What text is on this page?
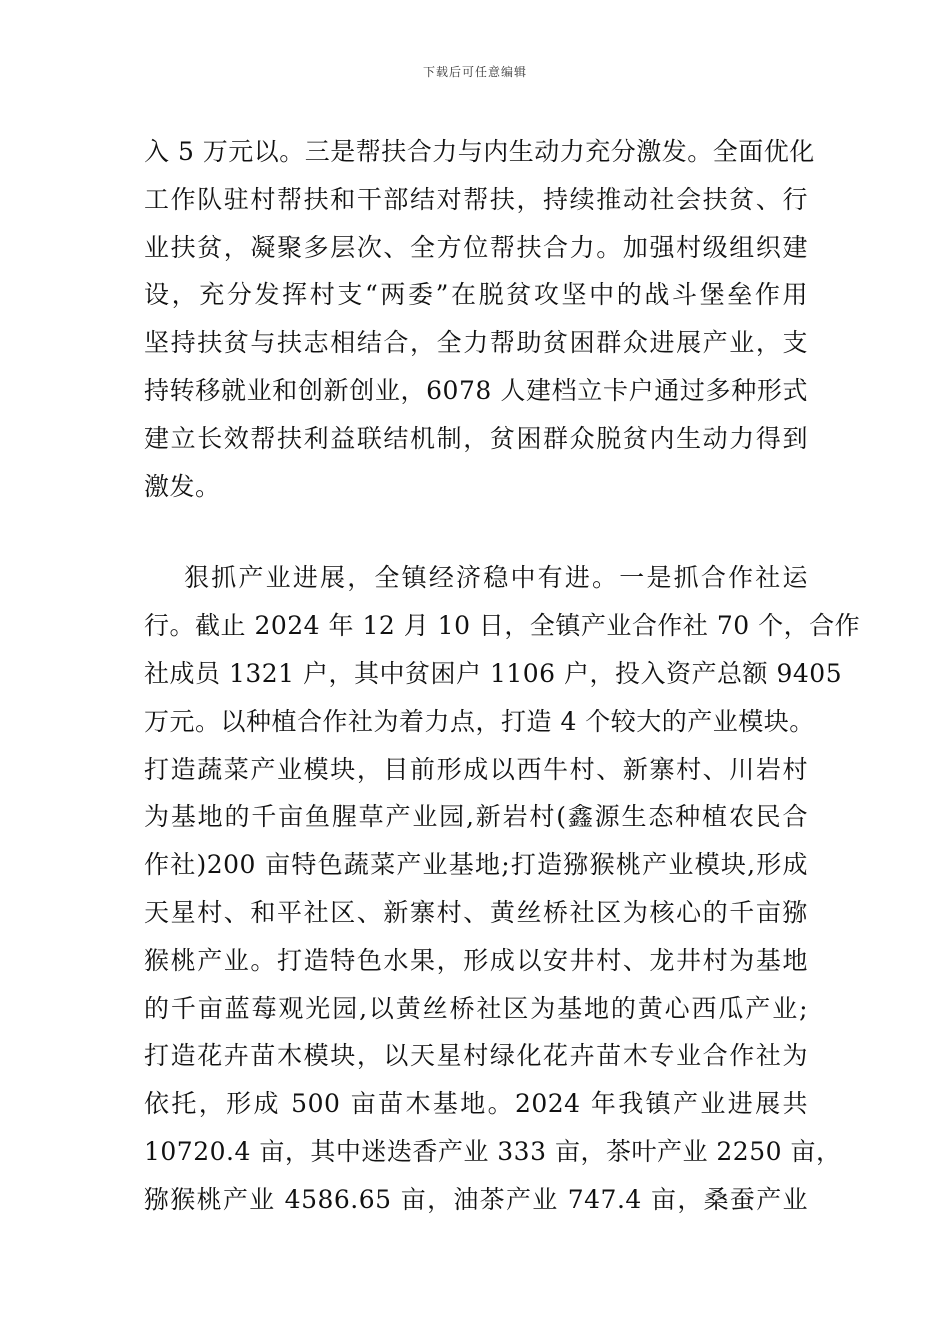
下载后可任意编辑
入 5 万元以。三是帮扶合力与内生动力充分激发。全面优化
工作队驻村帮扶和干部结对帮扶，持续推动社会扶贫、行
业扶贫，凝聚多层次、全方位帮扶合力。加强村级组织建
设，充分发挥村支“两委”在脱贫攻坚中的战斗堡垒作用
坚持扶贫与扶志相结合，全力帮助贫困群众进展产业，支
持转移就业和创新创业，6078 人建档立卡户通过多种形式
建立长效帮扶利益联结机制，贫困群众脱贫内生动力得到
激发。
狠抓产业进展，全镇经济稳中有进。一是抓合作社运
行。截止 2024 年 12 月 10 日，全镇产业合作社 70 个，合作
社成员 1321 户，其中贫困户 1106 户，投入资产总额 9405
万元。以种植合作社为着力点，打造 4 个较大的产业模块。
打造蔬菜产业模块，目前形成以西牛村、新寨村、川岩村
为基地的千亩鱼腥草产业园,新岩村(鑫源生态种植农民合
作社)200 亩特色蔬菜产业基地;打造猕猴桃产业模块,形成
天星村、和平社区、新寨村、黄丝桥社区为核心的千亩猕
猴桃产业。打造特色水果，形成以安井村、龙井村为基地
的千亩蓝莓观光园,以黄丝桥社区为基地的黄心西瓜产业;
打造花卉苗木模块，以天星村绿化花卉苗木专业合作社为
依托，形成 500 亩苗木基地。2024 年我镇产业进展共
10720.4 亩，其中迷迭香产业 333 亩，茶叶产业 2250 亩，
猕猴桃产业 4586.65 亩，油茶产业 747.4 亩，桑蚕产业
